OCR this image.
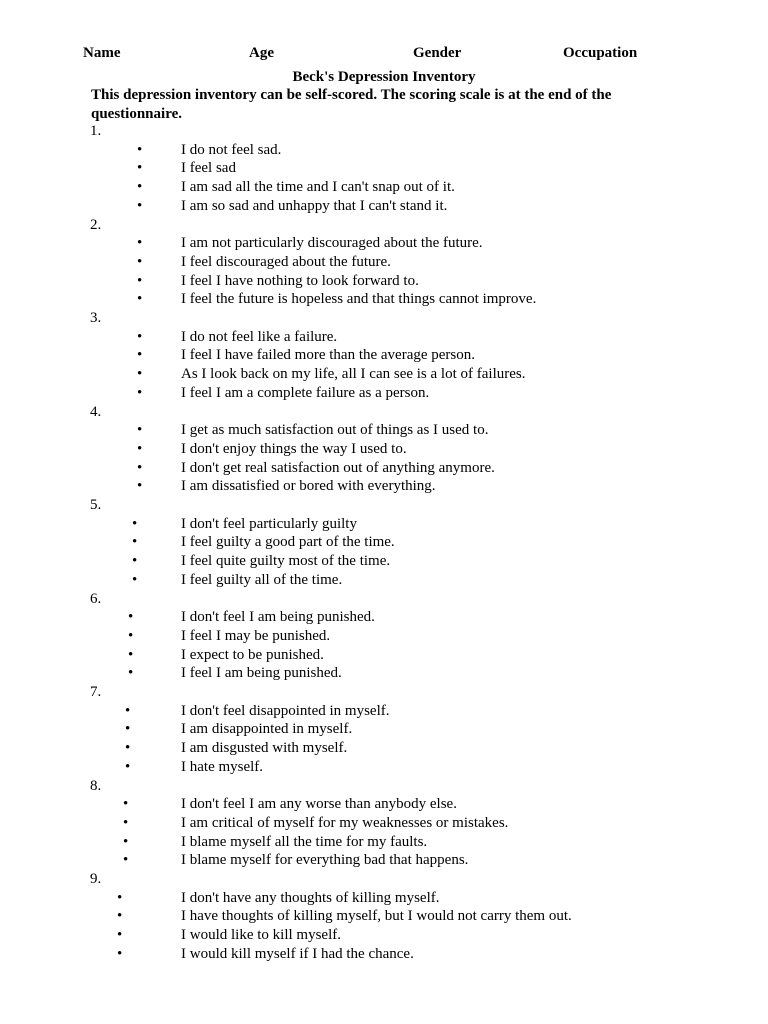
Name	Age	Gender	Occupation
Beck's Depression Inventory
This depression inventory can be self-scored. The scoring scale is at the end of the questionnaire.
1.
•	I do not feel sad.
•	I feel sad
•	I am sad all the time and I can't snap out of it.
•	I am so sad and unhappy that I can't stand it.
2.
•	I am not particularly discouraged about the future.
•	I feel discouraged about the future.
•	I feel I have nothing to look forward to.
•	I feel the future is hopeless and that things cannot improve.
3.
•	I do not feel like a failure.
•	I feel I have failed more than the average person.
•	As I look back on my life, all I can see is a lot of failures.
•	I feel I am a complete failure as a person.
4.
•	I get as much satisfaction out of things as I used to.
•	I don't enjoy things the way I used to.
•	I don't get real satisfaction out of anything anymore.
•	I am dissatisfied or bored with everything.
5.
•	I don't feel particularly guilty
•	I feel guilty a good part of the time.
•	I feel quite guilty most of the time.
•	I feel guilty all of the time.
6.
•	I don't feel I am being punished.
•	I feel I may be punished.
•	I expect to be punished.
•	I feel I am being punished.
7.
•	I don't feel disappointed in myself.
•	I am disappointed in myself.
•	I am disgusted with myself.
•	I hate myself.
8.
•	I don't feel I am any worse than anybody else.
•	I am critical of myself for my weaknesses or mistakes.
•	I blame myself all the time for my faults.
•	I blame myself for everything bad that happens.
9.
•	I don't have any thoughts of killing myself.
•	I have thoughts of killing myself, but I would not carry them out.
•	I would like to kill myself.
•	I would kill myself if I had the chance.
